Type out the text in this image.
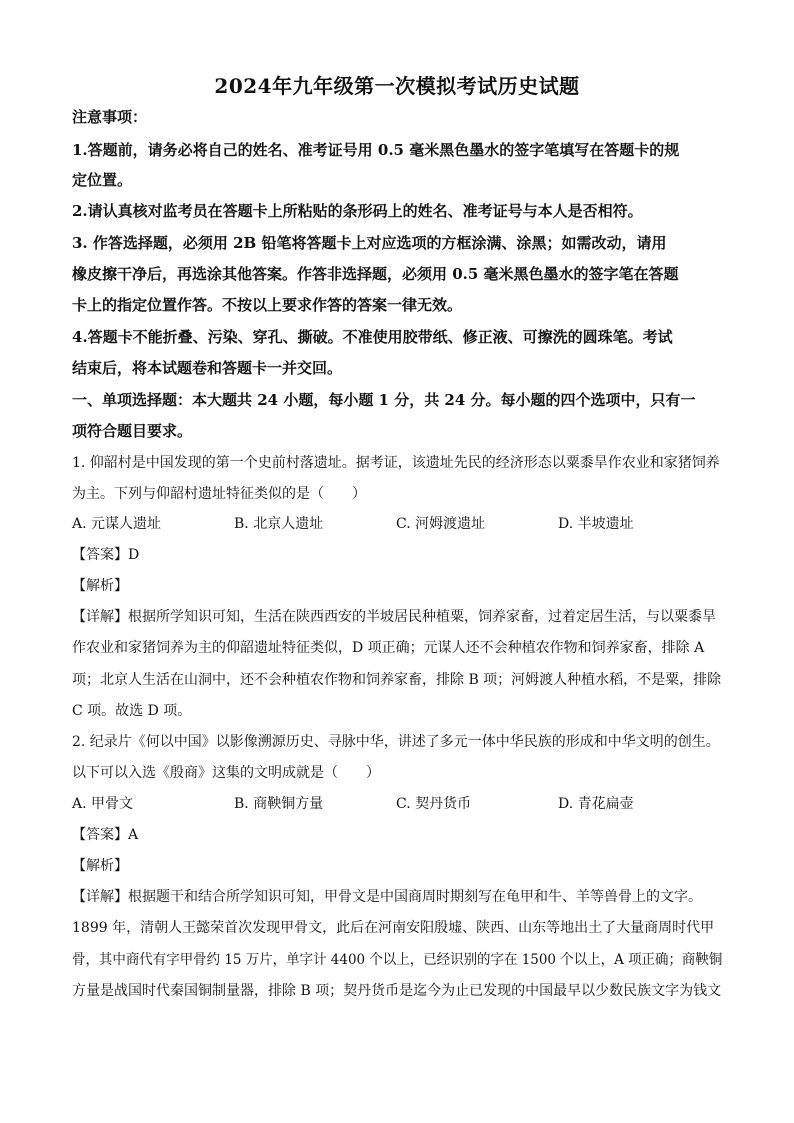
2024年九年级第一次模拟考试历史试题
注意事项：
1.答题前，请务必将自己的姓名、准考证号用 0.5 毫米黑色墨水的签字笔填写在答题卡的规
定位置。
2.请认真核对监考员在答题卡上所粘贴的条形码上的姓名、准考证号与本人是否相符。
3. 作答选择题，必须用 2B 铅笔将答题卡上对应选项的方框涂满、涂黑；如需改动，请用
橡皮擦干净后，再选涂其他答案。作答非选择题，必须用 0.5 毫米黑色墨水的签字笔在答题
卡上的指定位置作答。不按以上要求作答的答案一律无效。
4.答题卡不能折叠、污染、穿孔、撕破。不准使用胶带纸、修正液、可擦洗的圆珠笔。考试
结束后，将本试题卷和答题卡一并交回。
一、单项选择题：本大题共 24 小题，每小题 1 分，共 24 分。每小题的四个选项中，只有一
项符合题目要求。
1. 仰韶村是中国发现的第一个史前村落遗址。据考证，该遗址先民的经济形态以粟黍旱作农业和家猪饲养
为主。下列与仰韶村遗址特征类似的是（　　）
A. 元谋人遗址	B. 北京人遗址	C. 河姆渡遗址	D. 半坡遗址
【答案】D
【解析】
【详解】根据所学知识可知，生活在陕西西安的半坡居民种植粟，饲养家畜，过着定居生活，与以粟黍旱
作农业和家猪饲养为主的仰韶遗址特征类似，D 项正确；元谋人还不会种植农作物和饲养家畜，排除 A
项；北京人生活在山洞中，还不会种植农作物和饲养家畜，排除 B 项；河姆渡人种植水稻，不是粟，排除
C 项。故选 D 项。
2. 纪录片《何以中国》以影像溯源历史、寻脉中华，讲述了多元一体中华民族的形成和中华文明的创生。
以下可以入选《殷商》这集的文明成就是（　　）
A. 甲骨文	B. 商鞅铜方量	C. 契丹货币	D. 青花扁壶
【答案】A
【解析】
【详解】根据题干和结合所学知识可知，甲骨文是中国商周时期刻写在龟甲和牛、羊等兽骨上的文字。
1899 年，清朝人王懿荣首次发现甲骨文，此后在河南安阳殷墟、陕西、山东等地出土了大量商周时代甲
骨，其中商代有字甲骨约 15 万片，单字计 4400 个以上，已经识别的字在 1500 个以上，A 项正确；商鞅铜
方量是战国时代秦国铜制量器，排除 B 项；契丹货币是迄今为止已发现的中国最早以少数民族文字为钱文
